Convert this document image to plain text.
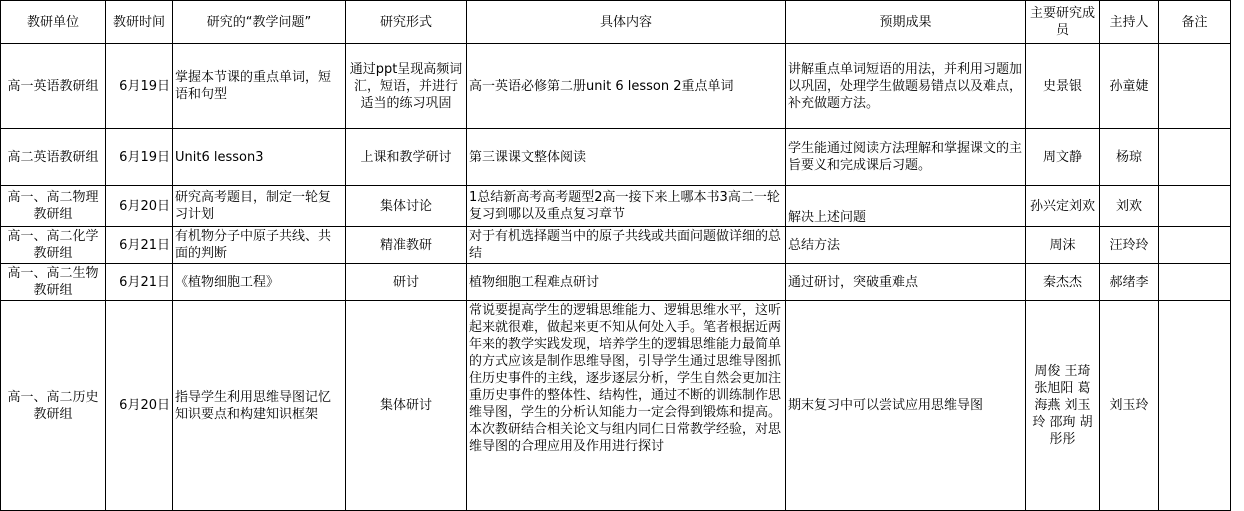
教研单位	教研时间	研究的“教学问题”	研究形式	具体内容	预期成果	主要研究成员	主持人	备注
高一英语教研组	6月19日	掌握本节课的重点单词，短语和句型	通过ppt呈现高频词汇，短语，并进行适当的练习巩固	高一英语必修第二册unit 6 lesson 2重点单词	讲解重点单词短语的用法，并利用习题加以巩固，处理学生做题易错点以及难点，补充做题方法。	史景银	孙童婕	
高二英语教研组	6月19日	Unit6 lesson3	上课和教学研讨	第三课课文整体阅读	学生能通过阅读方法理解和掌握课文的主旨要义和完成课后习题。	周文静	杨琼	
高一、高二物理教研组	6月20日	研究高考题目，制定一轮复习计划	集体讨论	1总结新高考高考题型2高一接下来上哪本书3高二一轮复习到哪以及重点复习章节	解决上述问题	孙兴定刘欢	刘欢	
高一、高二化学教研组	6月21日	有机物分子中原子共线、共面的判断	精准教研	对于有机选择题当中的原子共线或共面问题做详细的总结	总结方法	周沫	汪玲玲	
高一、高二生物教研组	6月21日	《植物细胞工程》	研讨	植物细胞工程难点研讨	通过研讨，突破重难点	秦杰杰	郝绪李	
高一、高二历史教研组	6月20日	指导学生利用思维导图记忆知识要点和构建知识框架	集体研讨	常说要提高学生的逻辑思维能力、逻辑思维水平，这听起来就很难，做起来更不知从何处入手。笔者根据近两年来的教学实践发现，培养学生的逻辑思维能力最简单的方式应该是制作思维导图，引导学生通过思维导图抓住历史事件的主线，逐步逐层分析，学生自然会更加注重历史事件的整体性、结构性，通过不断的训练制作思维导图，学生的分析认知能力一定会得到锻炼和提高。本次教研结合相关论文与组内同仁日常教学经验，对思维导图的合理应用及作用进行探讨	期末复习中可以尝试应用思维导图	周俊 王琦 张旭阳 葛海燕 刘玉玲 邵珣 胡彤彤	刘玉玲	
